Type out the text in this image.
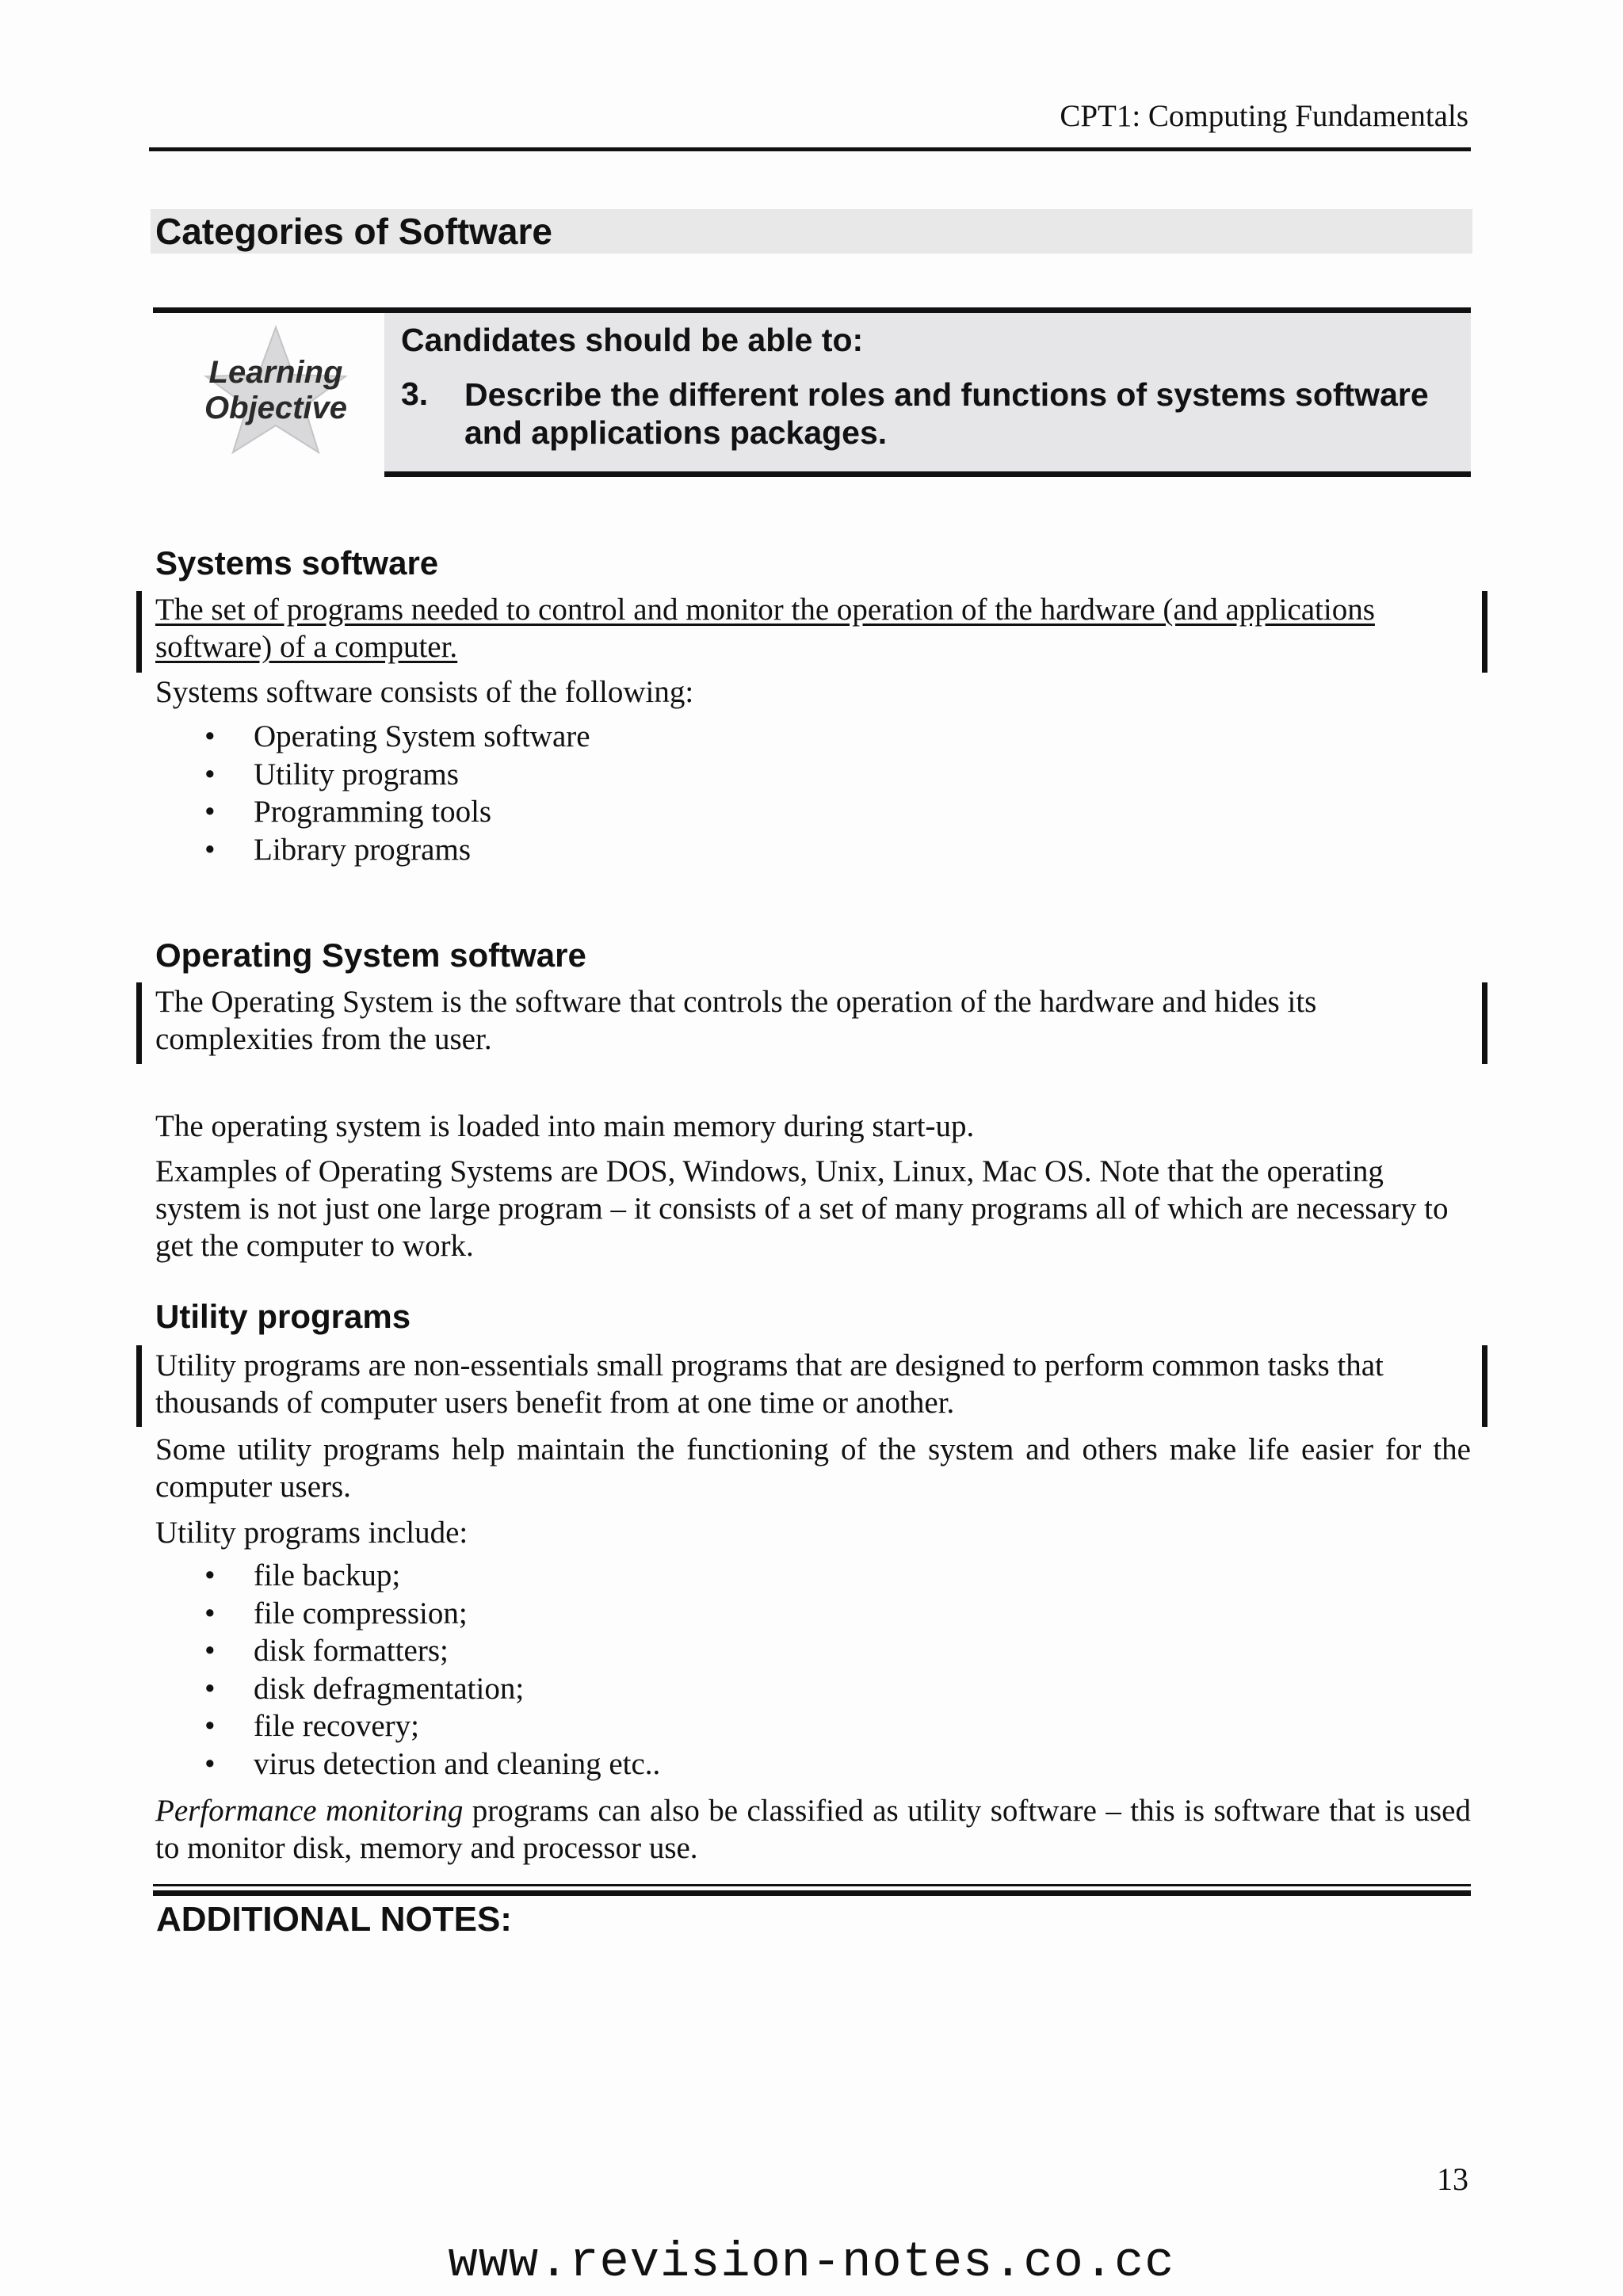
CPT1: Computing Fundamentals
Categories of Software
Learning
Objective
Candidates should be able to:
3. Describe the different roles and functions of systems software and applications packages.
Systems software
The set of programs needed to control and monitor the operation of the hardware (and applications software) of a computer.
Systems software consists of the following:
• Operating System software
• Utility programs
• Programming tools
• Library programs
Operating System software
The Operating System is the software that controls the operation of the hardware and hides its complexities from the user.
The operating system is loaded into main memory during start-up.
Examples of Operating Systems are DOS, Windows, Unix, Linux, Mac OS. Note that the operating system is not just one large program – it consists of a set of many programs all of which are necessary to get the computer to work.
Utility programs
Utility programs are non-essentials small programs that are designed to perform common tasks that thousands of computer users benefit from at one time or another.
Some utility programs help maintain the functioning of the system and others make life easier for the computer users.
Utility programs include:
• file backup;
• file compression;
• disk formatters;
• disk defragmentation;
• file recovery;
• virus detection and cleaning etc..
Performance monitoring programs can also be classified as utility software – this is software that is used to monitor disk, memory and processor use.
ADDITIONAL NOTES:
13
www.revision-notes.co.cc
